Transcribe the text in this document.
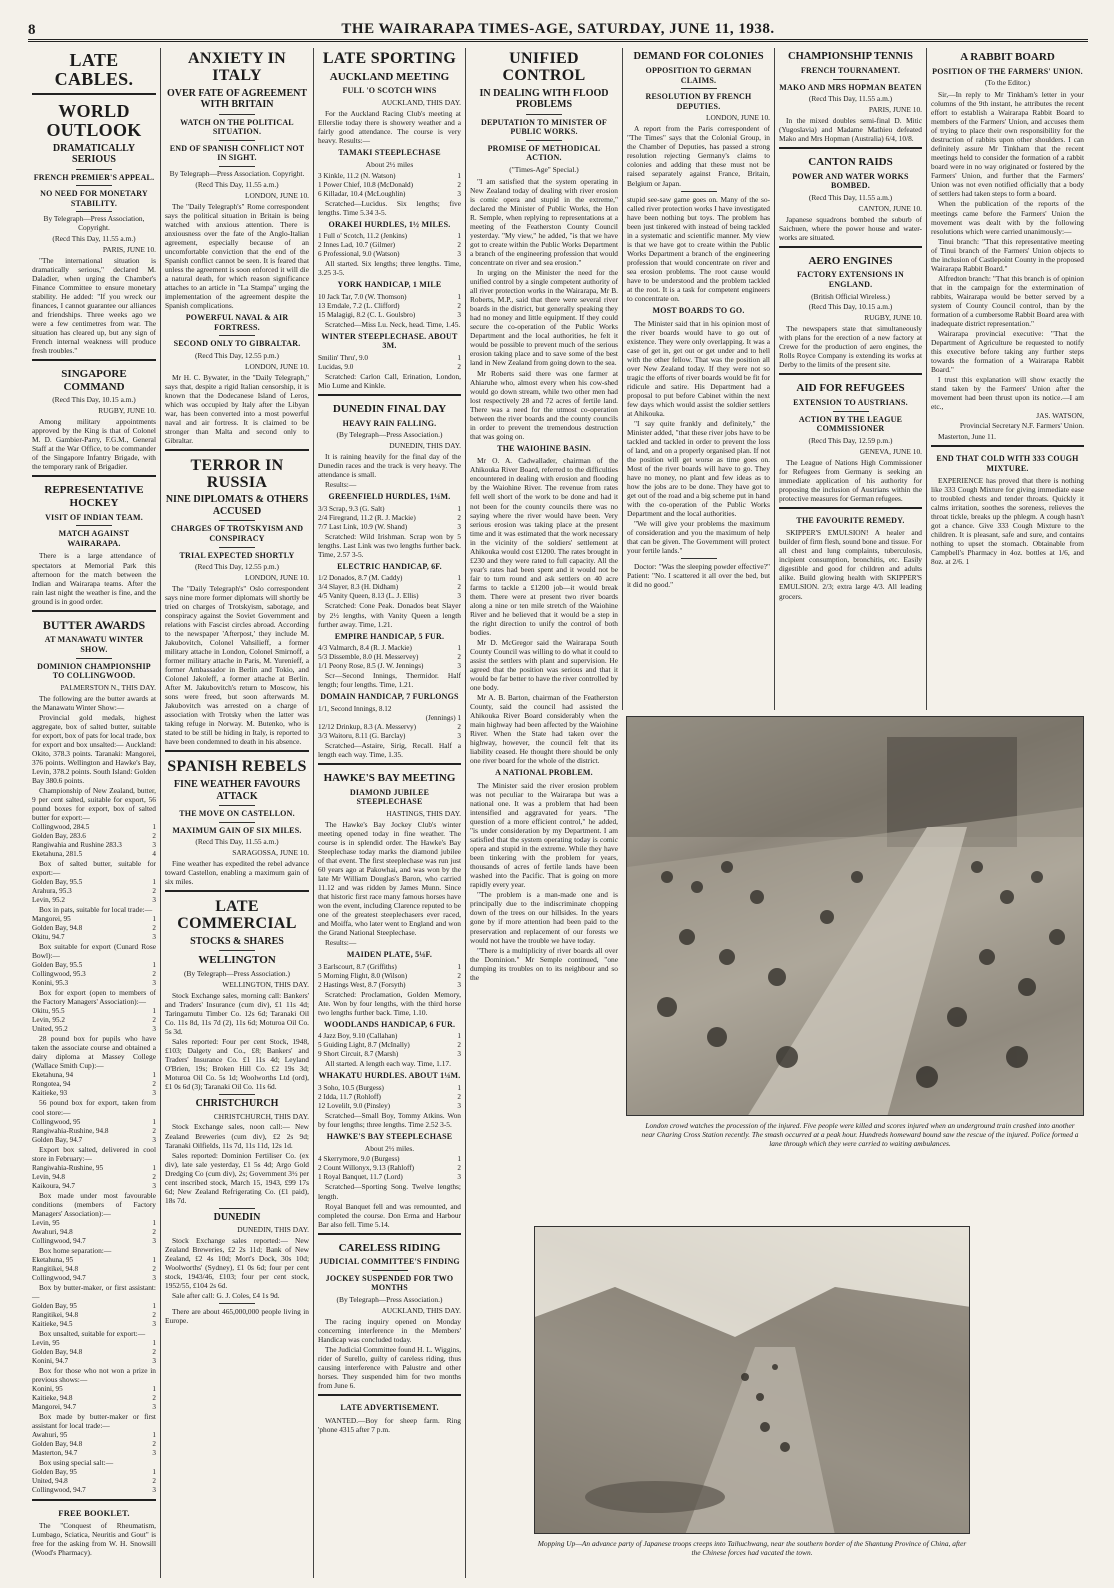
8	THE WAIRARAPA TIMES-AGE, SATURDAY, JUNE 11, 1938.
LATE CABLES.
WORLD OUTLOOK
DRAMATICALLY SERIOUS
FRENCH PREMIER'S APPEAL.
NO NEED FOR MONETARY STABILITY.
By Telegraph—Press Association, Copyright.
(Recd This Day, 11.55 a.m.)
PARIS, JUNE 10.

"The international situation is dramatically serious," declared M. Daladier, when urging the Chamber's Finance Committee to ensure monetary stability. He added: "If you wreck our finances, I cannot guarantee our alliances and friendships. Three weeks ago we were a few centimetres from war. The situation has cleared up, but any sign of French internal weakness will produce fresh troubles."

SINGAPORE COMMAND
(Recd This Day, 10.15 a.m.)
RUGBY, JUNE 10.

Among military appointments approved by the King is that of Colonel M. D. Gambier-Parry, F.G.M., General Staff at the War Office, to be commander of the Singapore Infantry Brigade, with the temporary rank of Brigadier.

REPRESENTATIVE HOCKEY
VISIT OF INDIAN TEAM.
MATCH AGAINST WAIRARAPA.

There is a large attendance of spectators at Memorial Park this afternoon for the match between the Indian and Wairarapa teams. After the rain last night the weather is fine, and the ground is in good order.

BUTTER AWARDS
AT MANAWATU WINTER SHOW.
DOMINION CHAMPIONSHIP TO COLLINGWOOD.
PALMERSTON N., THIS DAY.

The following are the butter awards at the Manawatu Winter Show:—

Provincial gold medals, highest aggregate, box of salted butter, suitable for export, box of pats for local trade, box for export and box unsalted:— Auckland: Okito, 378.3 points. Taranaki: Mangorei, 376 points. Wellington and Hawke's Bay, Levin, 378.2 points. South Island: Golden Bay 380.6 points.

Championship of New Zealand, butter, 9 per cent salted, suitable for export, 56 pound boxes for export, box of salted butter for export:—

Collingwood, 284.5	1
Golden Bay, 283.6	2
Rangiwahia and Rushine 283.3	3
Eketahuna, 281.5	4

Box of salted butter, suitable for export:—

Golden Bay, 95.5	1
Arahura, 95.3	2
Levin, 95.2	3

Box in pats, suitable for local trade:—

Mangorei, 95	1
Golden Bay, 94.8	2
Okitu, 94.7	3

Box suitable for export (Cunard Rose Bowl):—

Golden Bay, 95.5	1
Collingwood, 95.3	2
Konini, 95.3	3

Box for export (open to members of the Factory Managers' Association):—

Okitu, 95.5	1
Levin, 95.2	2
United, 95.2	3

28 pound box for pupils who have taken the associate course and obtained a dairy diploma at Massey College (Wallace Smith Cup):—

Eketahuna, 94	1
Rongotea, 94	2
Kaitieke, 93	3

56 pound box for export, taken from cool store:—

Collingwood, 95	1
Rangiwahia-Rushine, 94.8	2
Golden Bay, 94.7	3

Export box salted, delivered in cool store in February:—

Rangiwahia-Rushine, 95	1
Levin, 94.8	2
Kaikoura, 94.7	3

Box made under most favourable conditions (members of Factory Managers' Association):—

Levin, 95	1
Awahuri, 94.8	2
Collingwood, 94.7	3

Box home separation:—

Eketahuna, 95	1
Rangitikei, 94.8	2
Collingwood, 94.7	3

Box by butter-maker, or first assistant:—

Golden Bay, 95	1
Rangitikei, 94.8	2
Kaitieke, 94.5	3

Box unsalted, suitable for export:—

Levin, 95	1
Golden Bay, 94.8	2
Konini, 94.7	3

Box for those who not won a prize in previous shows:—

Konini, 95	1
Kaitieke, 94.8	2
Mangorei, 94.7	3

Box made by butter-maker or first assistant for local trade:—

Awahuri, 95	1
Golden Bay, 94.8	2
Masterton, 94.7	3

Box using special salt:—

Golden Bay, 95	1
United, 94.8	2
Collingwood, 94.7	3
FREE BOOKLET.

The "Conquest of Rheumatism, Lumbago, Sciatica, Neuritis and Gout" is free for the asking from W. H. Snowsill (Wood's Pharmacy).

ANXIETY IN ITALY
OVER FATE OF AGREEMENT WITH BRITAIN
WATCH ON THE POLITICAL SITUATION.
END OF SPANISH CONFLICT NOT IN SIGHT.
By Telegraph—Press Association. Copyright.
(Recd This Day, 11.55 a.m.)
LONDON, JUNE 10.

The "Daily Telegraph's" Rome correspondent says the political situation in Britain is being watched with anxious attention. There is anxiousness over the fate of the Anglo-Italian agreement, especially because of an uncomfortable conviction that the end of the Spanish conflict cannot be seen. It is feared that unless the agreement is soon enforced it will die a natural death, for which reason significance attaches to an article in "La Stampa" urging the implementation of the agreement despite the Spanish complications.

POWERFUL NAVAL & AIR FORTRESS.
SECOND ONLY TO GIBRALTAR.
(Recd This Day, 12.55 p.m.)
LONDON, JUNE 10.

Mr H. C. Bywater, in the "Daily Telegraph," says that, despite a rigid Italian censorship, it is known that the Dodecanese Island of Leros, which was occupied by Italy after the Libyan war, has been converted into a most powerful naval and air fortress. It is claimed to be stronger than Malta and second only to Gibraltar.

TERROR IN RUSSIA
NINE DIPLOMATS & OTHERS ACCUSED
CHARGES OF TROTSKYISM AND CONSPIRACY
TRIAL EXPECTED SHORTLY
(Recd This Day, 12.55 p.m.)
LONDON, JUNE 10.

The "Daily Telegraph's" Oslo correspondent says nine more former diplomats will shortly be tried on charges of Trotskyism, sabotage, and conspiracy against the Soviet Government and relations with Fascist circles abroad. According to the newspaper 'Afterpost,' they include M. Jakubovitch, Colonel Vahsilieff, a former military attache in London, Colonel Smirnoff, a former military attache in Paris, M. Yurenieff, a former Ambassador in Berlin and Tokio, and Colonel Jakoleff, a former attache at Berlin. After M. Jakubovitch's return to Moscow, his sons were freed, but soon afterwards M. Jakubovitch was arrested on a charge of association with Trotsky when the latter was taking refuge in Norway. M. Butenko, who is stated to be still be hiding in Italy, is reported to have been condemned to death in his absence.

SPANISH REBELS
FINE WEATHER FAVOURS ATTACK
THE MOVE ON CASTELLON.
MAXIMUM GAIN OF SIX MILES.
(Recd This Day, 11.55 a.m.)
SARAGOSSA, JUNE 10.

Fine weather has expedited the rebel advance toward Castellon, enabling a maximum gain of six miles.

LATE COMMERCIAL
STOCKS & SHARES
WELLINGTON
(By Telegraph—Press Association.)
WELLINGTON, THIS DAY.

Stock Exchange sales, morning call: Bankers' and Traders' Insurance (cum div), £1 11s 4d; Taringamutu Timber Co. 12s 6d; Taranaki Oil Co. 11s 8d, 11s 7d (2), 11s 6d; Moturoa Oil Co. 5s 3d.

Sales reported: Four per cent Stock, 1948, £103; Dalgety and Co., £8; Bankers' and Traders' Insurance Co. £1 11s 4d; Leyland O'Brien, 19s; Broken Hill Co. £2 19s 3d; Moturoa Oil Co. 5s 1d; Woolworths Ltd (ord), £1 0s 6d (3); Taranaki Oil Co. 11s 6d.

CHRISTCHURCH
CHRISTCHURCH, THIS DAY.

Stock Exchange sales, noon call:— New Zealand Breweries (cum div), £2 2s 9d; Taranaki Oilfields, 11s 7d, 11s 11d, 12s 1d.

Sales reported: Dominion Fertiliser Co. (ex div), late sale yesterday, £1 5s 4d; Argo Gold Dredging Co (cum div), 2s; Government 3½ per cent inscribed stock, March 15, 1943, £99 17s 6d; New Zealand Refrigerating Co. (£1 paid), 18s 7d.

DUNEDIN
DUNEDIN, THIS DAY.

Stock Exchange sales reported:— New Zealand Breweries, £2 2s 11d; Bank of New Zealand, £2 4s 10d; Mort's Dock, 30s 10d; Woolworths' (Sydney), £1 0s 6d; four per cent stock, 1943/46, £103; four per cent stock, 1952/55, £104 2s 6d.

Sale after call: G. J. Coles, £4 1s 9d.

There are about 465,000,000 people living in Europe.

LATE SPORTING
AUCKLAND MEETING
FULL 'O SCOTCH WINS
AUCKLAND, THIS DAY.

For the Auckland Racing Club's meeting at Ellerslie today there is showery weather and a fairly good attendance. The course is very heavy. Results:—

TAMAKI STEEPLECHASE
About 2½ miles
3 Kinkle, 11.2 (N. Watson)	1
1 Power Chief, 10.8 (McDonald)	2
6 Killadar, 10.4 (McLoughlin)	3

Scratched—Lucidus. Six lengths; five lengths. Time 5.34 3-5.

ORAKEI HURDLES, 1½ MILES.
1 Full o' Scotch, 11.2 (Jenkins)	1
2 Innes Lad, 10.7 (Gilmer)	2
6 Professional, 9.0 (Watson)	3

All started. Six lengths; three lengths. Time, 3.25 3-5.

YORK HANDICAP, 1 MILE
10 Jack Tar, 7.0 (W. Thomson)	1
13 Erndale, 7.2 (L. Clifford)	2
15 Malagigi, 8.2 (C. L. Goulsbro)	3

Scratched—Miss Lu. Neck, head. Time, 1.45.

WINTER STEEPLECHASE. ABOUT 3M.
Smilin' Thru', 9.0	1
Lucidas, 9.0	2

Scratched: Carlon Call, Erination, London, Mio Lume and Kinkle.

DUNEDIN FINAL DAY
HEAVY RAIN FALLING.
(By Telegraph—Press Association.)
DUNEDIN, THIS DAY.

It is raining heavily for the final day of the Dunedin races and the track is very heavy. The attendance is small.

Results:—

GREENFIELD HURDLES, 1¼M.
3/3 Scrap, 9.3 (G. Salt)	1
2/4 Firegrand, 11.2 (R. J. Mackie)	2
7/7 Last Link, 10.9 (W. Shand)	3

Scratched: Wild Irishman. Scrap won by 5 lengths. Last Link was two lengths further back. Time, 2.57 3-5.

ELECTRIC HANDICAP, 6F.
1/2 Donados, 8.7 (M. Caddy)	1
3/4 Slayer, 8.3 (H. Didham)	2
4/5 Vanity Queen, 8.13 (L. J. Ellis)	3

Scratched: Cone Peak. Donados beat Slayer by 2½ lengths, with Vanity Queen a length further away. Time, 1.21.

EMPIRE HANDICAP, 5 FUR.
4/3 Valmarch, 8.4 (R. J. Mackie)	1
5/3 Dissemble, 8.0 (H. Messervey)	2
1/1 Peony Rose, 8.5 (J. W. Jennings)	3

Scr—Second Innings, Thermidor. Half length; four lengths. Time, 1.21.

DOMAIN HANDICAP, 7 FURLONGS
1/1, Second Innings, 8.12
(Jennings) 1
12/12 Drinkup, 8.3 (A. Messervy)	2
3/3 Waitoru, 8.11 (G. Barclay)	3

Scratched—Astaire, Sirig, Recall. Half a length each way. Time, 1.35.

HAWKE'S BAY MEETING
DIAMOND JUBILEE STEEPLECHASE
HASTINGS, THIS DAY.

The Hawke's Bay Jockey Club's winter meeting opened today in fine weather. The course is in splendid order. The Hawke's Bay Steeplechase today marks the diamond jubilee of that event. The first steeplechase was run just 60 years ago at Pakowhai, and was won by the late Mr William Douglas's Baron, who carried 11.12 and was ridden by James Munn. Since that historic first race many famous horses have won the event, including Clarence reputed to be one of the greatest steeplechasers ever raced, and Moiffa, who later went to England and won the Grand National Steeplechase.

Results:—

MAIDEN PLATE, 5¼F.
3 Earlscourt, 8.7 (Griffiths)	1
5 Morning Flight, 8.0 (Wilson)	2
2 Hastings West, 8.7 (Forsyth)	3

Scratched: Proclamation, Golden Memory, Ate. Won by four lengths, with the third horse two lengths further back. Time, 1.10.

WOODLANDS HANDICAP, 6 FUR.
4 Jazz Boy, 9.10 (Callahan)	1
5 Guiding Light, 8.7 (McInally)	2
9 Short Circuit, 8.7 (Marsh)	3

All started. A length each way. Time, 1.17.

WHAKATU HURDLES. ABOUT 1¼M.
3 Soho, 10.5 (Burgess)	1
2 Idda, 11.7 (Rohloff)	2
12 Lovelilt, 9.0 (Pinsley)	3

Scratched—Small Boy, Tommy Atkins. Won by four lengths; three lengths. Time 2.52 3-5.

HAWKE'S BAY STEEPLECHASE
About 2½ miles.
4 Skerrymore, 9.0 (Burgess)	1
2 Count Willonyx, 9.13 (Rahloff)	2
1 Royal Banquet, 11.7 (Lord)	3

Scratched—Sporting Song. Twelve lengths; length.

Royal Banquet fell and was remounted, and completed the course. Don Erma and Harbour Bar also fell. Time 5.14.

CARELESS RIDING
JUDICIAL COMMITTEE'S FINDING
JOCKEY SUSPENDED FOR TWO MONTHS
(By Telegraph—Press Association.)
AUCKLAND, THIS DAY.

The racing inquiry opened on Monday concerning interference in the Members' Handicap was concluded today.

The Judicial Committee found H. L. Wiggins, rider of Surello, guilty of careless riding, thus causing interference with Palustre and other horses. They suspended him for two months from June 6.

LATE ADVERTISEMENT.

WANTED.—Boy for sheep farm. Ring 'phone 4315 after 7 p.m.

UNIFIED CONTROL
IN DEALING WITH FLOOD PROBLEMS
DEPUTATION TO MINISTER OF PUBLIC WORKS.
PROMISE OF METHODICAL ACTION.
("Times-Age" Special.)

"I am satisfied that the system operating in New Zealand today of dealing with river erosion is comic opera and stupid in the extreme," declared the Minister of Public Works, the Hon R. Semple, when replying to representations at a meeting of the Featherston County Council yesterday. "My view," he added, "is that we have got to create within the Public Works Department a branch of the engineering profession that would concentrate on river and sea erosion."

In urging on the Minister the need for the unified control by a single competent authority of all river protection works in the Wairarapa, Mr B. Roberts, M.P., said that there were several river boards in the district, but generally speaking they had no money and little equipment. If they could secure the co-operation of the Public Works Department and the local authorities, he felt it would be possible to prevent much of the serious erosion taking place and to save some of the best land in New Zealand from going down to the sea.

Mr Roberts said there was one farmer at Ahiaruhe who, almost every when his cow-shed would go down stream, while two other men had lost respectively 28 and 72 acres of fertile land. There was a need for the utmost co-operation between the river boards and the county councils in order to prevent the tremendous destruction that was going on.

THE WAIOHINE BASIN.

Mr O. A. Cadwallader, chairman of the Ahikouka River Board, referred to the difficulties encountered in dealing with erosion and flooding by the Waiohine River. The revenue from rates fell well short of the work to be done and had it not been for the county councils there was no saying where the river would have been. Very serious erosion was taking place at the present time and it was estimated that the work necessary in the vicinity of the soldiers' settlement at Ahikouka would cost £1200. The rates brought in £230 and they were rated to full capacity. All the year's rates had been spent and it would not be fair to turn round and ask settlers on 40 acre farms to tackle a £1200 job—it would break them. There were at present two river boards along a nine or ten mile stretch of the Waiohine River and he believed that it would be a step in the right direction to unify the control of both bodies.

Mr D. McGregor said the Wairarapa South County Council was willing to do what it could to assist the settlers with plant and supervision. He agreed that the position was serious and that it would be far better to have the river controlled by one body.

Mr A. B. Barton, chairman of the Featherston County, said the council had assisted the Ahikouka River Board considerably when the main highway had been affected by the Waiohine River. When the State had taken over the highway, however, the council felt that its liability ceased. He thought there should be only one river board for the whole of the district.

A NATIONAL PROBLEM.

The Minister said the river erosion problem was not peculiar to the Wairarapa but was a national one. It was a problem that had been intensified and aggravated for years. "The question of a more efficient control," he added, "is under consideration by my Department. I am satisfied that the system operating today is comic opera and stupid in the extreme. While they have been tinkering with the problem for years, thousands of acres of fertile lands have been washed into the Pacific. That is going on more rapidly every year.

"The problem is a man-made one and is principally due to the indiscriminate chopping down of the trees on our hillsides. In the years gone by if more attention had been paid to the preservation and replacement of our forests we would not have the trouble we have today.

"There is a multiplicity of river boards all over the Dominion." Mr Semple continued, "one dumping its troubles on to its neighbour and so the

DEMAND FOR COLONIES
OPPOSITION TO GERMAN CLAIMS.
RESOLUTION BY FRENCH DEPUTIES.
LONDON, JUNE 10.

A report from the Paris correspondent of "The Times" says that the Colonial Group, in the Chamber of Deputies, has passed a strong resolution rejecting Germany's claims to colonies and adding that these must not be raised separately against France, Britain, Belgium or Japan.

stupid see-saw game goes on. Many of the so-called river protection works I have investigated have been nothing but toys. The problem has been just tinkered with instead of being tackled in a systematic and scientific manner. My view is that we have got to create within the Public Works Department a branch of the engineering profession that would concentrate on river and sea erosion problems. The root cause would have to be understood and the problem tackled at the root. It is a task for competent engineers to concentrate on.

MOST BOARDS TO GO.

The Minister said that in his opinion most of the river boards would have to go out of existence. They were only overlapping. It was a case of get in, get out or get under and to hell with the other fellow. That was the position all over New Zealand today. If they were not so tragic the efforts of river boards would be fit for ridicule and satire. His Department had a proposal to put before Cabinet within the next few days which would assist the soldier settlers at Ahikouka.

"I say quite frankly and definitely," the Minister added, "that these river jobs have to be tackled and tackled in order to prevent the loss of land, and on a properly organised plan. If not the position will get worse as time goes on. Most of the river boards will have to go. They have no money, no plant and few ideas as to how the jobs are to be done. They have got to get out of the road and a big scheme put in hand with the co-operation of the Public Works Department and the local authorities.

"We will give your problems the maximum of consideration and you the maximum of help that can be given. The Government will protect your fertile lands."

Doctor: "Was the sleeping powder effective?" Patient: "No. I scattered it all over the bed, but it did no good."

CHAMPIONSHIP TENNIS
FRENCH TOURNAMENT.
MAKO AND MRS HOPMAN BEATEN
(Recd This Day, 11.55 a.m.)
PARIS, JUNE 10.

In the mixed doubles semi-final D. Mitic (Yugoslavia) and Madame Mathieu defeated Mako and Mrs Hopman (Australia) 6/4, 10/8.

CANTON RAIDS
POWER AND WATER WORKS BOMBED.
(Recd This Day, 11.55 a.m.)
CANTON, JUNE 10.

Japanese squadrons bombed the suburb of Saichuen, where the power house and water-works are situated.

AERO ENGINES
FACTORY EXTENSIONS IN ENGLAND.
(British Official Wireless.)
(Recd This Day, 10.15 a.m.)
RUGBY, JUNE 10.

The newspapers state that simultaneously with plans for the erection of a new factory at Crewe for the production of aero engines, the Rolls Royce Company is extending its works at Derby to the limits of the present site.

AID FOR REFUGEES
EXTENSION TO AUSTRIANS.
ACTION BY THE LEAGUE COMMISSIONER
(Recd This Day, 12.59 p.m.)
GENEVA, JUNE 10.

The League of Nations High Commissioner for Refugees from Germany is seeking an immediate application of his authority for proposing the inclusion of Austrians within the protective measures for German refugees.

THE FAVOURITE REMEDY.

SKIPPER'S EMULSION! A healer and builder of firm flesh, sound bone and tissue. For all chest and lung complaints, tuberculosis, incipient consumption, bronchitis, etc. Easily digestible and good for children and adults alike. Build glowing health with SKIPPER'S EMULSION. 2/3; extra large 4/3. All leading grocers.

A RABBIT BOARD
POSITION OF THE FARMERS' UNION.
(To the Editor.)

Sir,—In reply to Mr Tinkham's letter in your columns of the 9th instant, he attributes the recent effort to establish a Wairarapa Rabbit Board to members of the Farmers' Union, and accuses them of trying to place their own responsibility for the destruction of rabbits upon other shoulders. I can definitely assure Mr Tinkham that the recent meetings held to consider the formation of a rabbit board were in no way originated or fostered by the Farmers' Union, and further that the Farmers' Union was not even notified officially that a body of settlers had taken steps to form a board.

When the publication of the reports of the meetings came before the Farmers' Union the movement was dealt with by the following resolutions which were carried unanimously:—

Tinui branch: "That this representative meeting of Tinui branch of the Farmers' Union objects to the inclusion of Castlepoint County in the proposed Wairarapa Rabbit Board."

Alfredton branch: "That this branch is of opinion that in the campaign for the extermination of rabbits, Wairarapa would be better served by a system of County Council control, than by the formation of a cumbersome Rabbit Board area with inadequate district representation."

Wairarapa provincial executive: "That the Department of Agriculture be requested to notify this executive before taking any further steps towards the formation of a Wairarapa Rabbit Board."

I trust this explanation will show exactly the stand taken by the Farmers' Union after the movement had been thrust upon its notice.—I am etc.,

JAS. WATSON,
Provincial Secretary N.F. Farmers' Union.

Masterton, June 11.

END THAT COLD WITH 333 COUGH MIXTURE.

EXPERIENCE has proved that there is nothing like 333 Cough Mixture for giving immediate ease to troubled chests and tender throats. Quickly it calms irritation, soothes the soreness, relieves the throat tickle, breaks up the phlegm. A cough hasn't got a chance. Give 333 Cough Mixture to the children. It is pleasant, safe and sure, and contains nothing to upset the stomach. Obtainable from Campbell's Pharmacy in 4oz. bottles at 1/6, and 8oz. at 2/6. 1

London crowd watches the procession of the injured. Five people were killed and scores injured when an underground train crashed into another near Charing Cross Station recently. The smash occurred at a peak hour. Hundreds homeward bound saw the rescue of the injured. Police formed a lane through which they were carried to waiting ambulances.
Mopping Up—An advance party of Japanese troops creeps into Taihuchwang, near the southern border of the Shantung Province of China, after the Chinese forces had vacated the town.
